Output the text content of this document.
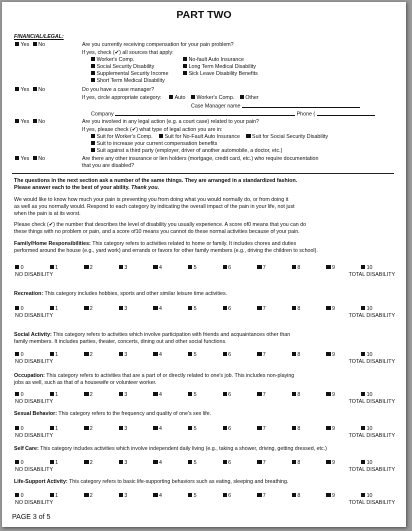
PART TWO
FINANCIAL/LEGAL:
Yes No	Are you currently receiving compensation for your pain problem?
If yes, check (✔) all sources that apply:
Worker's Comp.	No-fault Auto Insurance
Social Security Disability	Long Term Medical Disability
Supplemental Security Income	Sick Leave Disability Benefits
Short Term Medical Disability
Yes No	Do you have a case manager?
If yes, circle appropriate category: Auto Worker's Comp. Other
Case Manager name
Company	Phone (
Yes No	Are you involved in any legal action (e.g. a court case) related to your pain?
If yes, please check (✔) what type of legal action you are in:
Suit for Worker's Comp. Suit for No-Fault Auto Insurance Suit for Social Security Disability
Suit to increase your current compensation benefits
Suit against a third party (employer, driver of another automobile, a doctor, etc.)
Yes No	Are there any other insurance or lien holders (mortgage, credit card, etc.) who require documentation
that you are disabled?
The questions in the next section ask a number of the same things. They are arranged in a standardized fashion.
Please answer each to the best of your ability. Thank you.
We would like to know how much your pain is preventing you from doing what you would normally do, or from doing it
as well as you normally would. Respond to each category by indicating the overall impact of the pain in your life, not just
when the pain is at its worst.
Please check (✔) the number that describes the level of disability you usually experience. A score of0 means that you can do
these things with no problem or pain, and a score of10 means you cannot do these normal activities because of your pain.
Family/Home Responsibilities: This category refers to activities related to home or family. It includes chores and duties
performed around the house (e.g., yard work) and errands or favors for other family members (e.g., driving the children to school).
0	1	2	3	4	5	6	7	8	9	10
NO DISABILITY	TOTAL DISABILITY
Recreation: This category includes hobbies, sports and other similar leisure time activities.
0	1	2	3	4	5	6	7	8	9	10
NO DISABILITY	TOTAL DISABILITY
Social Activity: This category refers to activities which involve participation with friends and acquaintances other than
family members. It includes parties, theater, concerts, dining out and other social functions.
0	1	2	3	4	5	6	7	8	9	10
NO DISABILITY	TOTAL DISABILITY
Occupation: This category refers to activities that are a part of or directly related to one's job. This includes non-playing
jobs as well, such as that of a housewife or volunteer worker.
0	1	2	3	4	5	6	7	8	9	10
NO DISABILITY	TOTAL DISABILITY
Sexual Behavior: This category refers to the frequency and quality of one's sex life.
0	1	2	3	4	5	6	7	8	9	10
NO DISABILITY	TOTAL DISABILITY
Self Care: This category includes activities which involve independent daily living (e.g., taking a shower, driving, getting dressed, etc.)
0	1	2	3	4	5	6	7	8	9	10
NO DISABILITY	TOTAL DISABILITY
Life-Support Activity: This category refers to basic life-supporting behaviors such as eating, sleeping and breathing.
0	1	2	3	4	5	6	7	8	9	10
NO DISABILITY	TOTAL DISABILITY
PAGE 3 of 5
